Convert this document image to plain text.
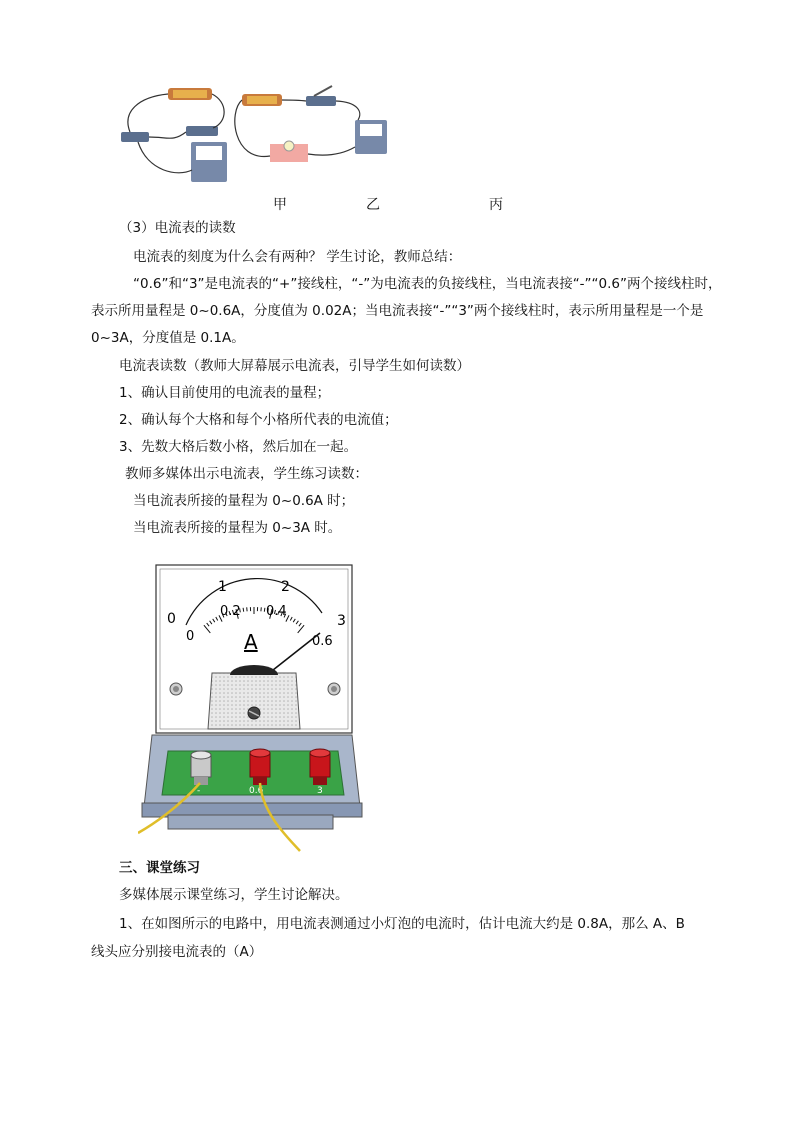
甲	乙	丙
（3）电流表的读数
电流表的刻度为什么会有两种？ 学生讨论，教师总结：
“0.6”和“3”是电流表的“+”接线柱，“-”为电流表的负接线柱，当电流表接“-”“0.6”两个接线柱时，
表示所用量程是 0~0.6A，分度值为 0.02A；当电流表接“-”“3”两个接线柱时，表示所用量程是一个是
0~3A，分度值是 0.1A。
电流表读数（教师大屏幕展示电流表，引导学生如何读数）
1、确认目前使用的电流表的量程；
2、确认每个大格和每个小格所代表的电流值；
3、先数大格后数小格，然后加在一起。
教师多媒体出示电流表，学生练习读数：
当电流表所接的量程为 0~0.6A 时；
当电流表所接的量程为 0~3A 时。
-	0.6	3
0
1	2
3
0
0.2 0.4
0.6
A
三、课堂练习
多媒体展示课堂练习，学生讨论解决。
1、在如图所示的电路中，用电流表测通过小灯泡的电流时，估计电流大约是 0.8A，那么 A、B
线头应分别接电流表的（A）
